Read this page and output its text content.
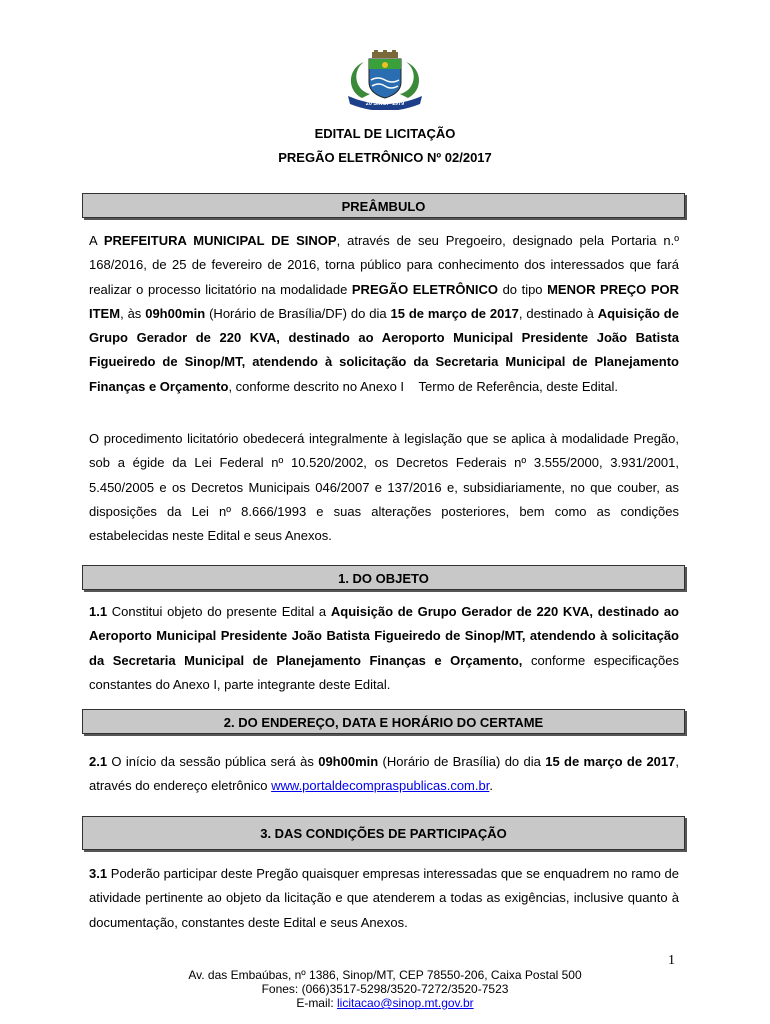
20 SINOP 1979
EDITAL DE LICITAÇÃO
PREGÃO ELETRÔNICO Nº 02/2017
PREÂMBULO

A PREFEITURA MUNICIPAL DE SINOP, através de seu Pregoeiro, designado pela Portaria n.º 168/2016, de 25 de fevereiro de 2016, torna público para conhecimento dos interessados que fará realizar o processo licitatório na modalidade PREGÃO ELETRÔNICO do tipo MENOR PREÇO POR ITEM, às 09h00min (Horário de Brasília/DF) do dia 15 de março de 2017, destinado à Aquisição de Grupo Gerador de 220 KVA, destinado ao Aeroporto Municipal Presidente João Batista Figueiredo de Sinop/MT, atendendo à solicitação da Secretaria Municipal de Planejamento Finanças e Orçamento, conforme descrito no Anexo I Termo de Referência, deste Edital.

O procedimento licitatório obedecerá integralmente à legislação que se aplica à modalidade Pregão, sob a égide da Lei Federal nº 10.520/2002, os Decretos Federais nº 3.555/2000, 3.931/2001, 5.450/2005 e os Decretos Municipais 046/2007 e 137/2016 e, subsidiariamente, no que couber, as disposições da Lei nº 8.666/1993 e suas alterações posteriores, bem como as condições estabelecidas neste Edital e seus Anexos.

1. DO OBJETO

1.1 Constitui objeto do presente Edital a Aquisição de Grupo Gerador de 220 KVA, destinado ao Aeroporto Municipal Presidente João Batista Figueiredo de Sinop/MT, atendendo à solicitação da Secretaria Municipal de Planejamento Finanças e Orçamento, conforme especificações constantes do Anexo I, parte integrante deste Edital.

2. DO ENDEREÇO, DATA E HORÁRIO DO CERTAME

2.1 O início da sessão pública será às 09h00min (Horário de Brasília) do dia 15 de março de 2017, através do endereço eletrônico www.portaldecompraspublicas.com.br.

3. DAS CONDIÇÕES DE PARTICIPAÇÃO

3.1 Poderão participar deste Pregão quaisquer empresas interessadas que se enquadrem no ramo de atividade pertinente ao objeto da licitação e que atenderem a todas as exigências, inclusive quanto à documentação, constantes deste Edital e seus Anexos.

1
Av. das Embaúbas, nº 1386, Sinop/MT, CEP 78550-206, Caixa Postal 500
Fones: (066)3517-5298/3520-7272/3520-7523
E-mail: licitacao@sinop.mt.gov.br
